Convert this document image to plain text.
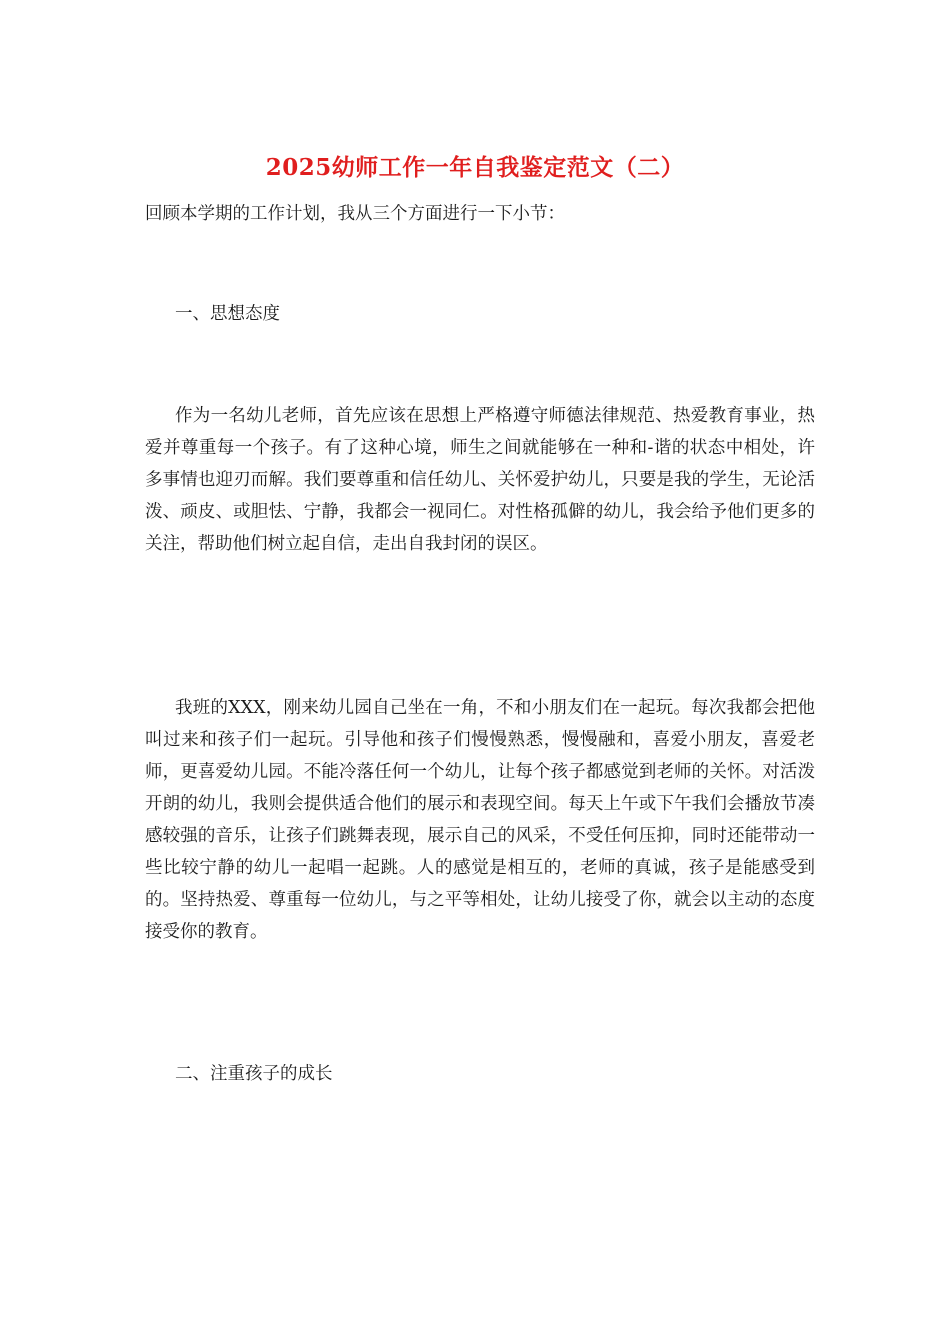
2025幼师工作一年自我鉴定范文（二）
回顾本学期的工作计划，我从三个方面进行一下小节：
一、思想态度

作为一名幼儿老师，首先应该在思想上严格遵守师德法律规范、热爱教育事业，热爱并尊重每一个孩子。有了这种心境，师生之间就能够在一种和-谐的状态中相处，许多事情也迎刃而解。我们要尊重和信任幼儿、关怀爱护幼儿，只要是我的学生，无论活泼、顽皮、或胆怯、宁静，我都会一视同仁。对性格孤僻的幼儿，我会给予他们更多的关注，帮助他们树立起自信，走出自我封闭的误区。

我班的XXX，刚来幼儿园自己坐在一角，不和小朋友们在一起玩。每次我都会把他叫过来和孩子们一起玩。引导他和孩子们慢慢熟悉，慢慢融和，喜爱小朋友，喜爱老师，更喜爱幼儿园。不能冷落任何一个幼儿，让每个孩子都感觉到老师的关怀。对活泼开朗的幼儿，我则会提供适合他们的展示和表现空间。每天上午或下午我们会播放节凑感较强的音乐，让孩子们跳舞表现，展示自己的风采，不受任何压抑，同时还能带动一些比较宁静的幼儿一起唱一起跳。人的感觉是相互的，老师的真诚，孩子是能感受到的。坚持热爱、尊重每一位幼儿，与之平等相处，让幼儿接受了你，就会以主动的态度接受你的教育。

二、注重孩子的成长
